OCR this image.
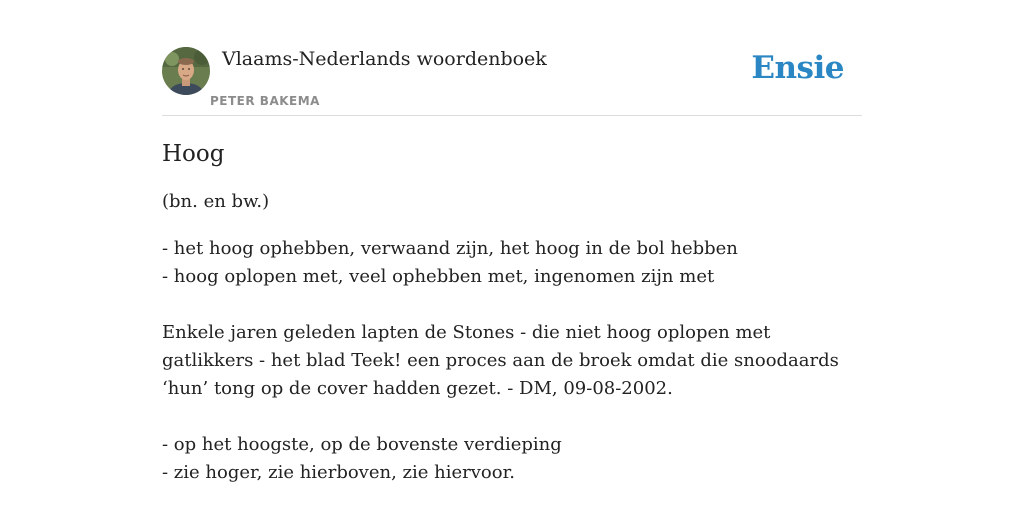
Vlaams-Nederlands woordenboek
PETER BAKEMA
Ensie
Hoog

(bn. en bw.)

- het hoog ophebben, verwaand zijn, het hoog in de bol hebben
- hoog oplopen met, veel ophebben met, ingenomen zijn met

Enkele jaren geleden lapten de Stones - die niet hoog oplopen met gatlikkers - het blad Teek! een proces aan de broek omdat die snoodaards ‘hun’ tong op de cover hadden gezet. - DM, 09-08-2002.

- op het hoogste, op de bovenste verdieping
- zie hoger, zie hierboven, zie hiervoor.
